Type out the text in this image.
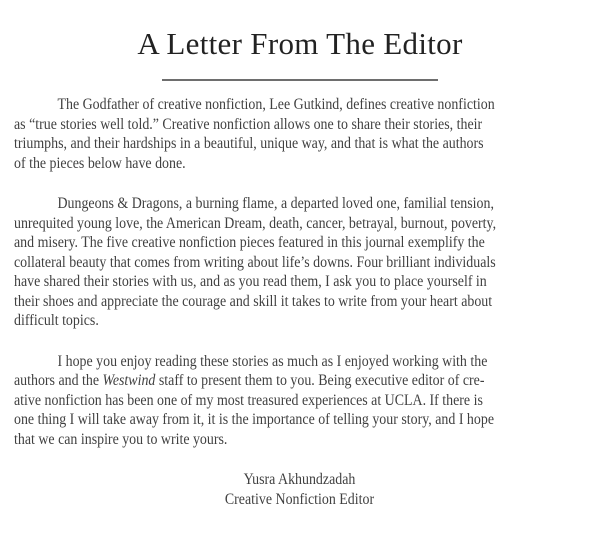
A Letter From The Editor

The Godfather of creative nonfiction, Lee Gutkind, defines creative nonfiction
as “true stories well told.” Creative nonfiction allows one to share their stories, their
triumphs, and their hardships in a beautiful, unique way, and that is what the authors
of the pieces below have done.

Dungeons & Dragons, a burning flame, a departed loved one, familial tension,
unrequited young love, the American Dream, death, cancer, betrayal, burnout, poverty,
and misery. The five creative nonfiction pieces featured in this journal exemplify the
collateral beauty that comes from writing about life’s downs. Four brilliant individuals
have shared their stories with us, and as you read them, I ask you to place yourself in
their shoes and appreciate the courage and skill it takes to write from your heart about
difficult topics.

I hope you enjoy reading these stories as much as I enjoyed working with the
authors and the Westwind staff to present them to you. Being executive editor of cre-
ative nonfiction has been one of my most treasured experiences at UCLA. If there is
one thing I will take away from it, it is the importance of telling your story, and I hope
that we can inspire you to write yours.

Yusra Akhundzadah
Creative Nonfiction Editor
